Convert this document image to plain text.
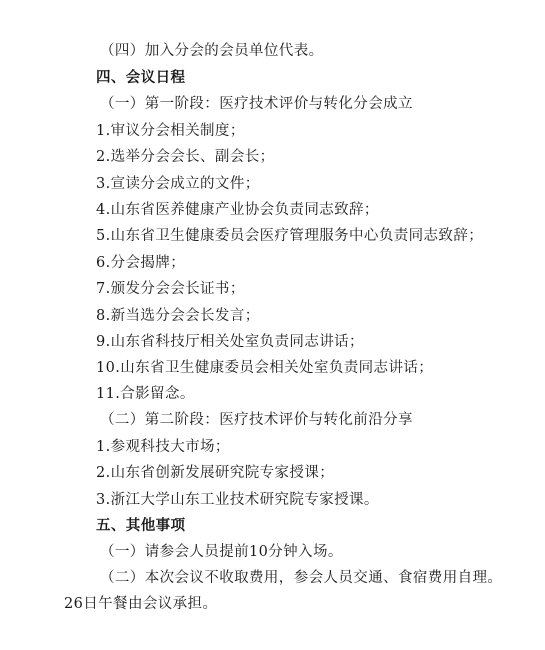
（四）加入分会的会员单位代表。
四、会议日程
（一）第一阶段：医疗技术评价与转化分会成立
1.审议分会相关制度；
2.选举分会会长、副会长；
3.宣读分会成立的文件；
4.山东省医养健康产业协会负责同志致辞；
5.山东省卫生健康委员会医疗管理服务中心负责同志致辞；
6.分会揭牌；
7.颁发分会会长证书；
8.新当选分会会长发言；
9.山东省科技厅相关处室负责同志讲话；
10.山东省卫生健康委员会相关处室负责同志讲话；
11.合影留念。
（二）第二阶段：医疗技术评价与转化前沿分享
1.参观科技大市场；
2.山东省创新发展研究院专家授课；
3.浙江大学山东工业技术研究院专家授课。
五、其他事项
（一）请参会人员提前10分钟入场。
（二）本次会议不收取费用，参会人员交通、食宿费用自理。
26日午餐由会议承担。
